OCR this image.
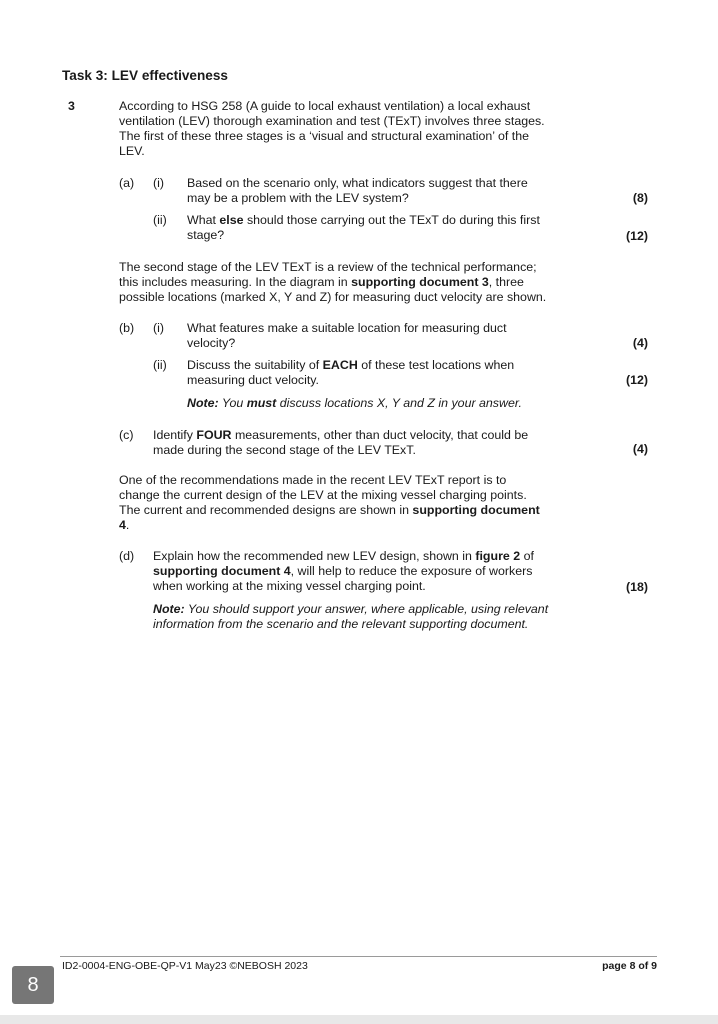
Task 3: LEV effectiveness
3	According to HSG 258 (A guide to local exhaust ventilation) a local exhaust
ventilation (LEV) thorough examination and test (TExT) involves three stages.
The first of these three stages is a ‘visual and structural examination’ of the
LEV.
(a) (i) Based on the scenario only, what indicators suggest that there
may be a problem with the LEV system?	(8)
(ii) What else should those carrying out the TExT do during this first
stage?	(12)
The second stage of the LEV TExT is a review of the technical performance;
this includes measuring. In the diagram in supporting document 3, three
possible locations (marked X, Y and Z) for measuring duct velocity are shown.
(b) (i) What features make a suitable location for measuring duct
velocity?	(4)
(ii) Discuss the suitability of EACH of these test locations when
measuring duct velocity.	(12)
Note: You must discuss locations X, Y and Z in your answer.
(c) Identify FOUR measurements, other than duct velocity, that could be
made during the second stage of the LEV TExT.	(4)
One of the recommendations made in the recent LEV TExT report is to
change the current design of the LEV at the mixing vessel charging points.
The current and recommended designs are shown in supporting document
4.
(d) Explain how the recommended new LEV design, shown in figure 2 of
supporting document 4, will help to reduce the exposure of workers
when working at the mixing vessel charging point.	(18)
Note: You should support your answer, where applicable, using relevant
information from the scenario and the relevant supporting document.
ID2-0004-ENG-OBE-QP-V1 May23 ©NEBOSH 2023	page 8 of 9
8
